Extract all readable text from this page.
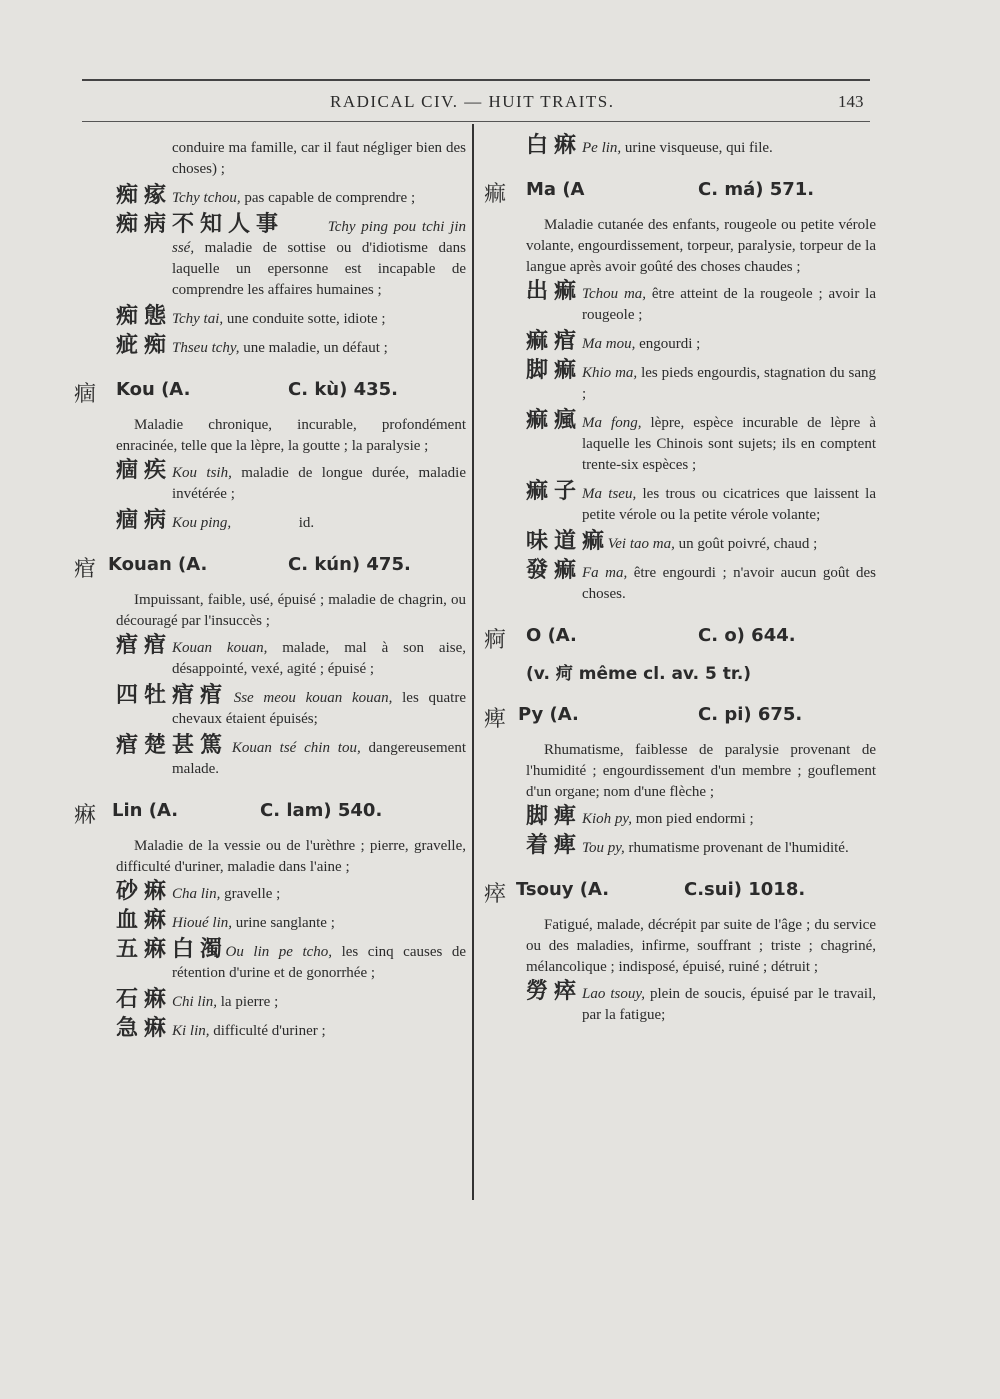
RADICAL CIV. — HUIT TRAITS.	143
conduire ma famille, car il faut négliger bien des choses) ;
痴瘃 Tchy tchou, pas capable de comprendre ;
痴病不知人事	Tchy ping pou tchi jin ssé, maladie de sottise ou d'idiotisme dans laquelle un epersonne est incapable de comprendre les affaires humaines ;
痴態 Tchy tai, une conduite sotte, idiote ;
疵痴 Thseu tchy, une maladie, un défaut ;
痼 Kou (A.	C. kù) 435.
Maladie chronique, incurable, profondément enracinée, telle que la lèpre, la goutte ; la paralysie ;
痼疾 Kou tsih, maladie de longue durée, maladie invétérée ;
痼病 Kou ping,	id.
痯 Kouan (A.	C. kún) 475.
Impuissant, faible, usé, épuisé ; maladie de chagrin, ou découragé par l'insuccès ;
痯痯 Kouan kouan, malade, mal à son aise, désappointé, vexé, agité ; épuisé ;
四牡痯痯 Sse meou kouan kouan, les quatre chevaux étaient épuisés;
痯楚甚篤 Kouan tsé chin tou, dangereusement malade.
痳 Lin (A.	C. lam) 540.
Maladie de la vessie ou de l'urèthre ; pierre, gravelle, difficulté d'uriner, maladie dans l'aine ;
砂痳 Cha lin, gravelle ;
血痳 Hioué lin, urine sanglante ;
五痳白濁
Ou lin pe tcho, les cinq causes de rétention d'urine et de gonorrhée ;
石痳 Chi lin, la pierre ;
急痳 Ki lin, difficulté d'uriner ;
白痳 Pe lin, urine visqueuse, qui file.
痲 Ma (A	C. má) 571.
Maladie cutanée des enfants, rougeole ou petite vérole volante, engourdissement, torpeur, paralysie, torpeur de la langue après avoir goûté des choses chaudes ;
出痲 Tchou ma, être atteint de la rougeole ; avoir la rougeole ;
痲痯 Ma mou, engourdi ;
脚痲 Khio ma, les pieds engourdis, stagnation du sang ;
痲瘋 Ma fong, lèpre, espèce incurable de lèpre à laquelle les Chinois sont sujets; ils en comptent trente-six espèces ;
痲子 Ma tseu, les trous ou cicatrices que laissent la petite vérole ou la petite vérole volante;
味道痲
Vei tao ma, un goût poivré, chaud ;
發痲 Fa ma, être engourdi ; n'avoir aucun goût des choses.
痾 O (A.	C. o) 644.
(v. 疴 même cl. av. 5 tr.)
痺 Py (A.	C. pi) 675.
Rhumatisme, faiblesse de paralysie provenant de l'humidité ; engourdissement d'un membre ; gouflement d'un organe; nom d'une flèche ;
脚痺 Kioh py, mon pied endormi ;
着痺 Tou py, rhumatisme provenant de l'humidité.
瘁 Tsouy (A.	C.sui) 1018.
Fatigué, malade, décrépit par suite de l'âge ; du service ou des maladies, infirme, souffrant ; triste ; chagriné, mélancolique ; indisposé, épuisé, ruiné ; détruit ;
勞瘁 Lao tsouy, plein de soucis, épuisé par le travail, par la fatigue;
